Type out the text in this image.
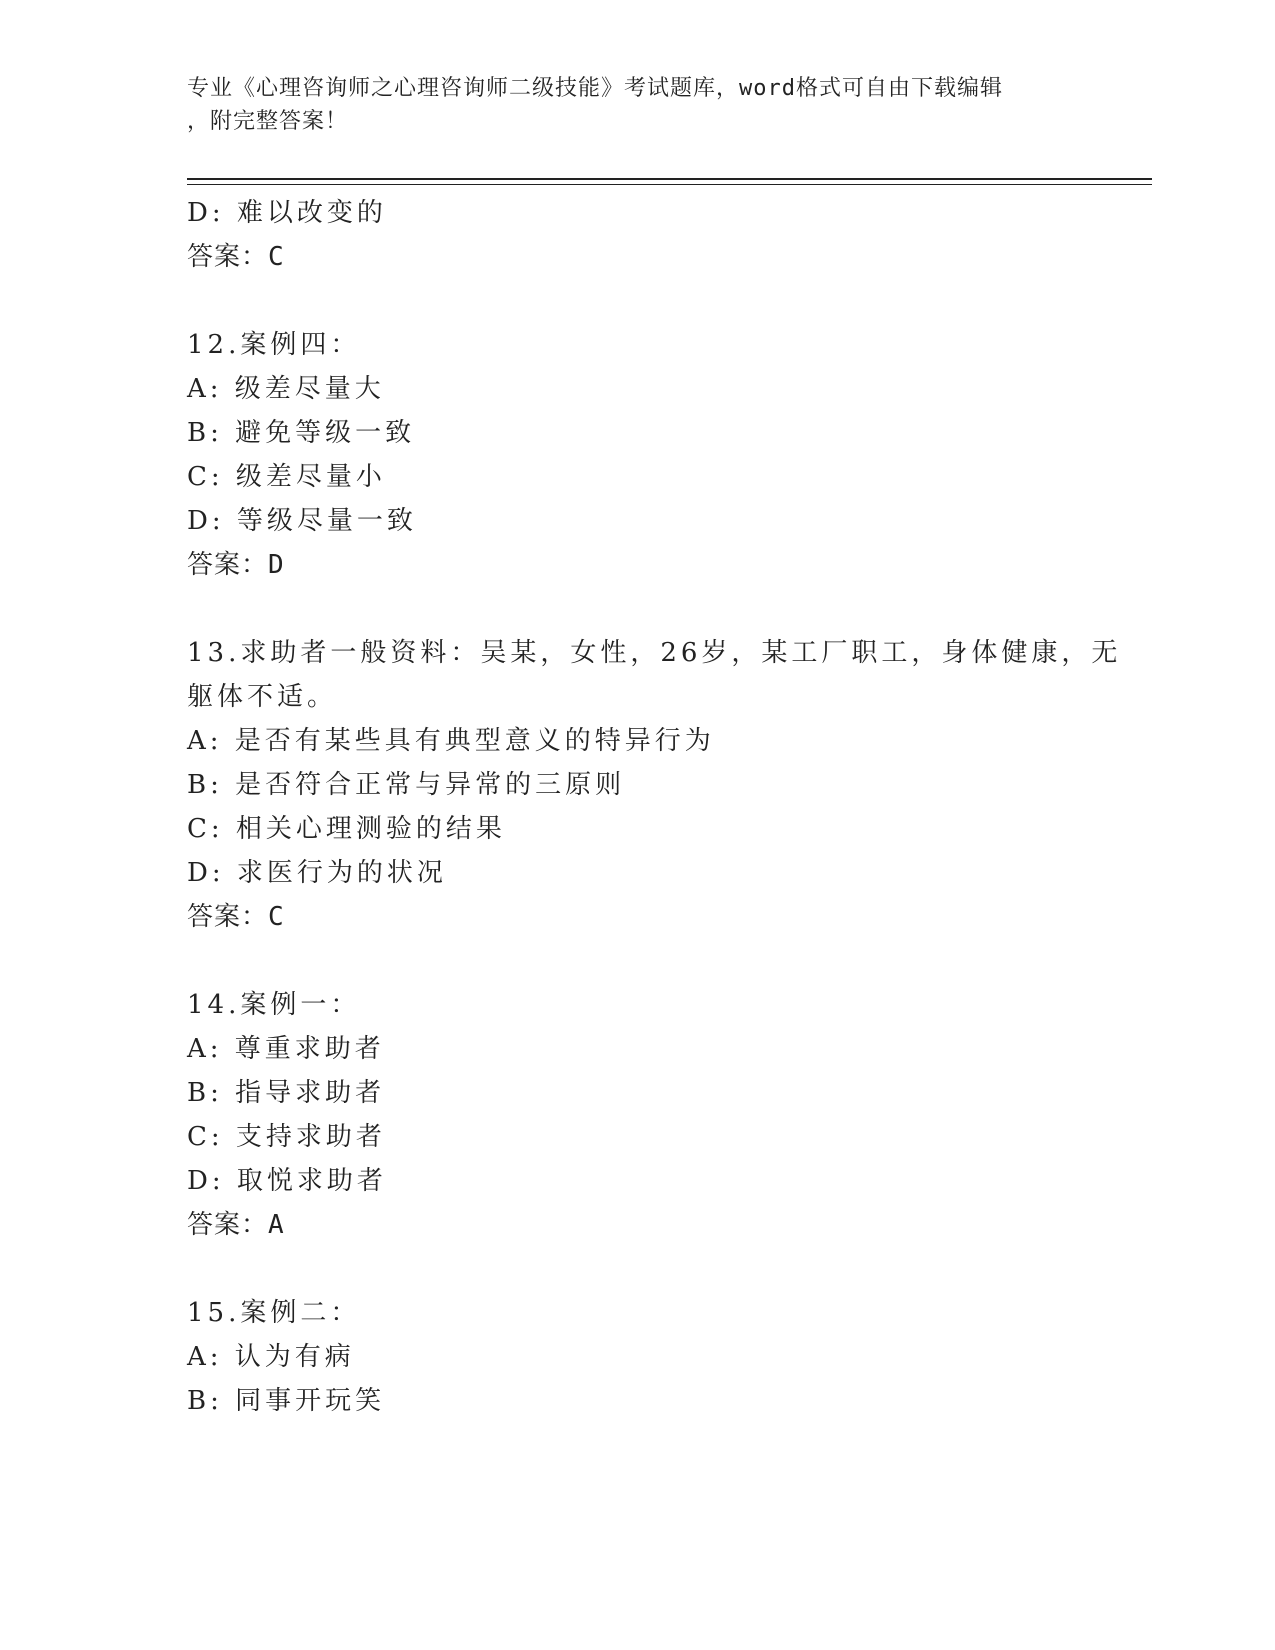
专业《心理咨询师之心理咨询师二级技能》考试题库，word格式可自由下载编辑
，附完整答案！
D: 难以改变的
答案：C
12.案例四：
A: 级差尽量大
B: 避免等级一致
C: 级差尽量小
D: 等级尽量一致
答案：D
13.求助者一般资料：吴某，女性，26岁，某工厂职工，身体健康，无
躯体不适。
A: 是否有某些具有典型意义的特异行为
B: 是否符合正常与异常的三原则
C: 相关心理测验的结果
D: 求医行为的状况
答案：C
14.案例一：
A: 尊重求助者
B: 指导求助者
C: 支持求助者
D: 取悦求助者
答案：A
15.案例二：
A: 认为有病
B: 同事开玩笑
